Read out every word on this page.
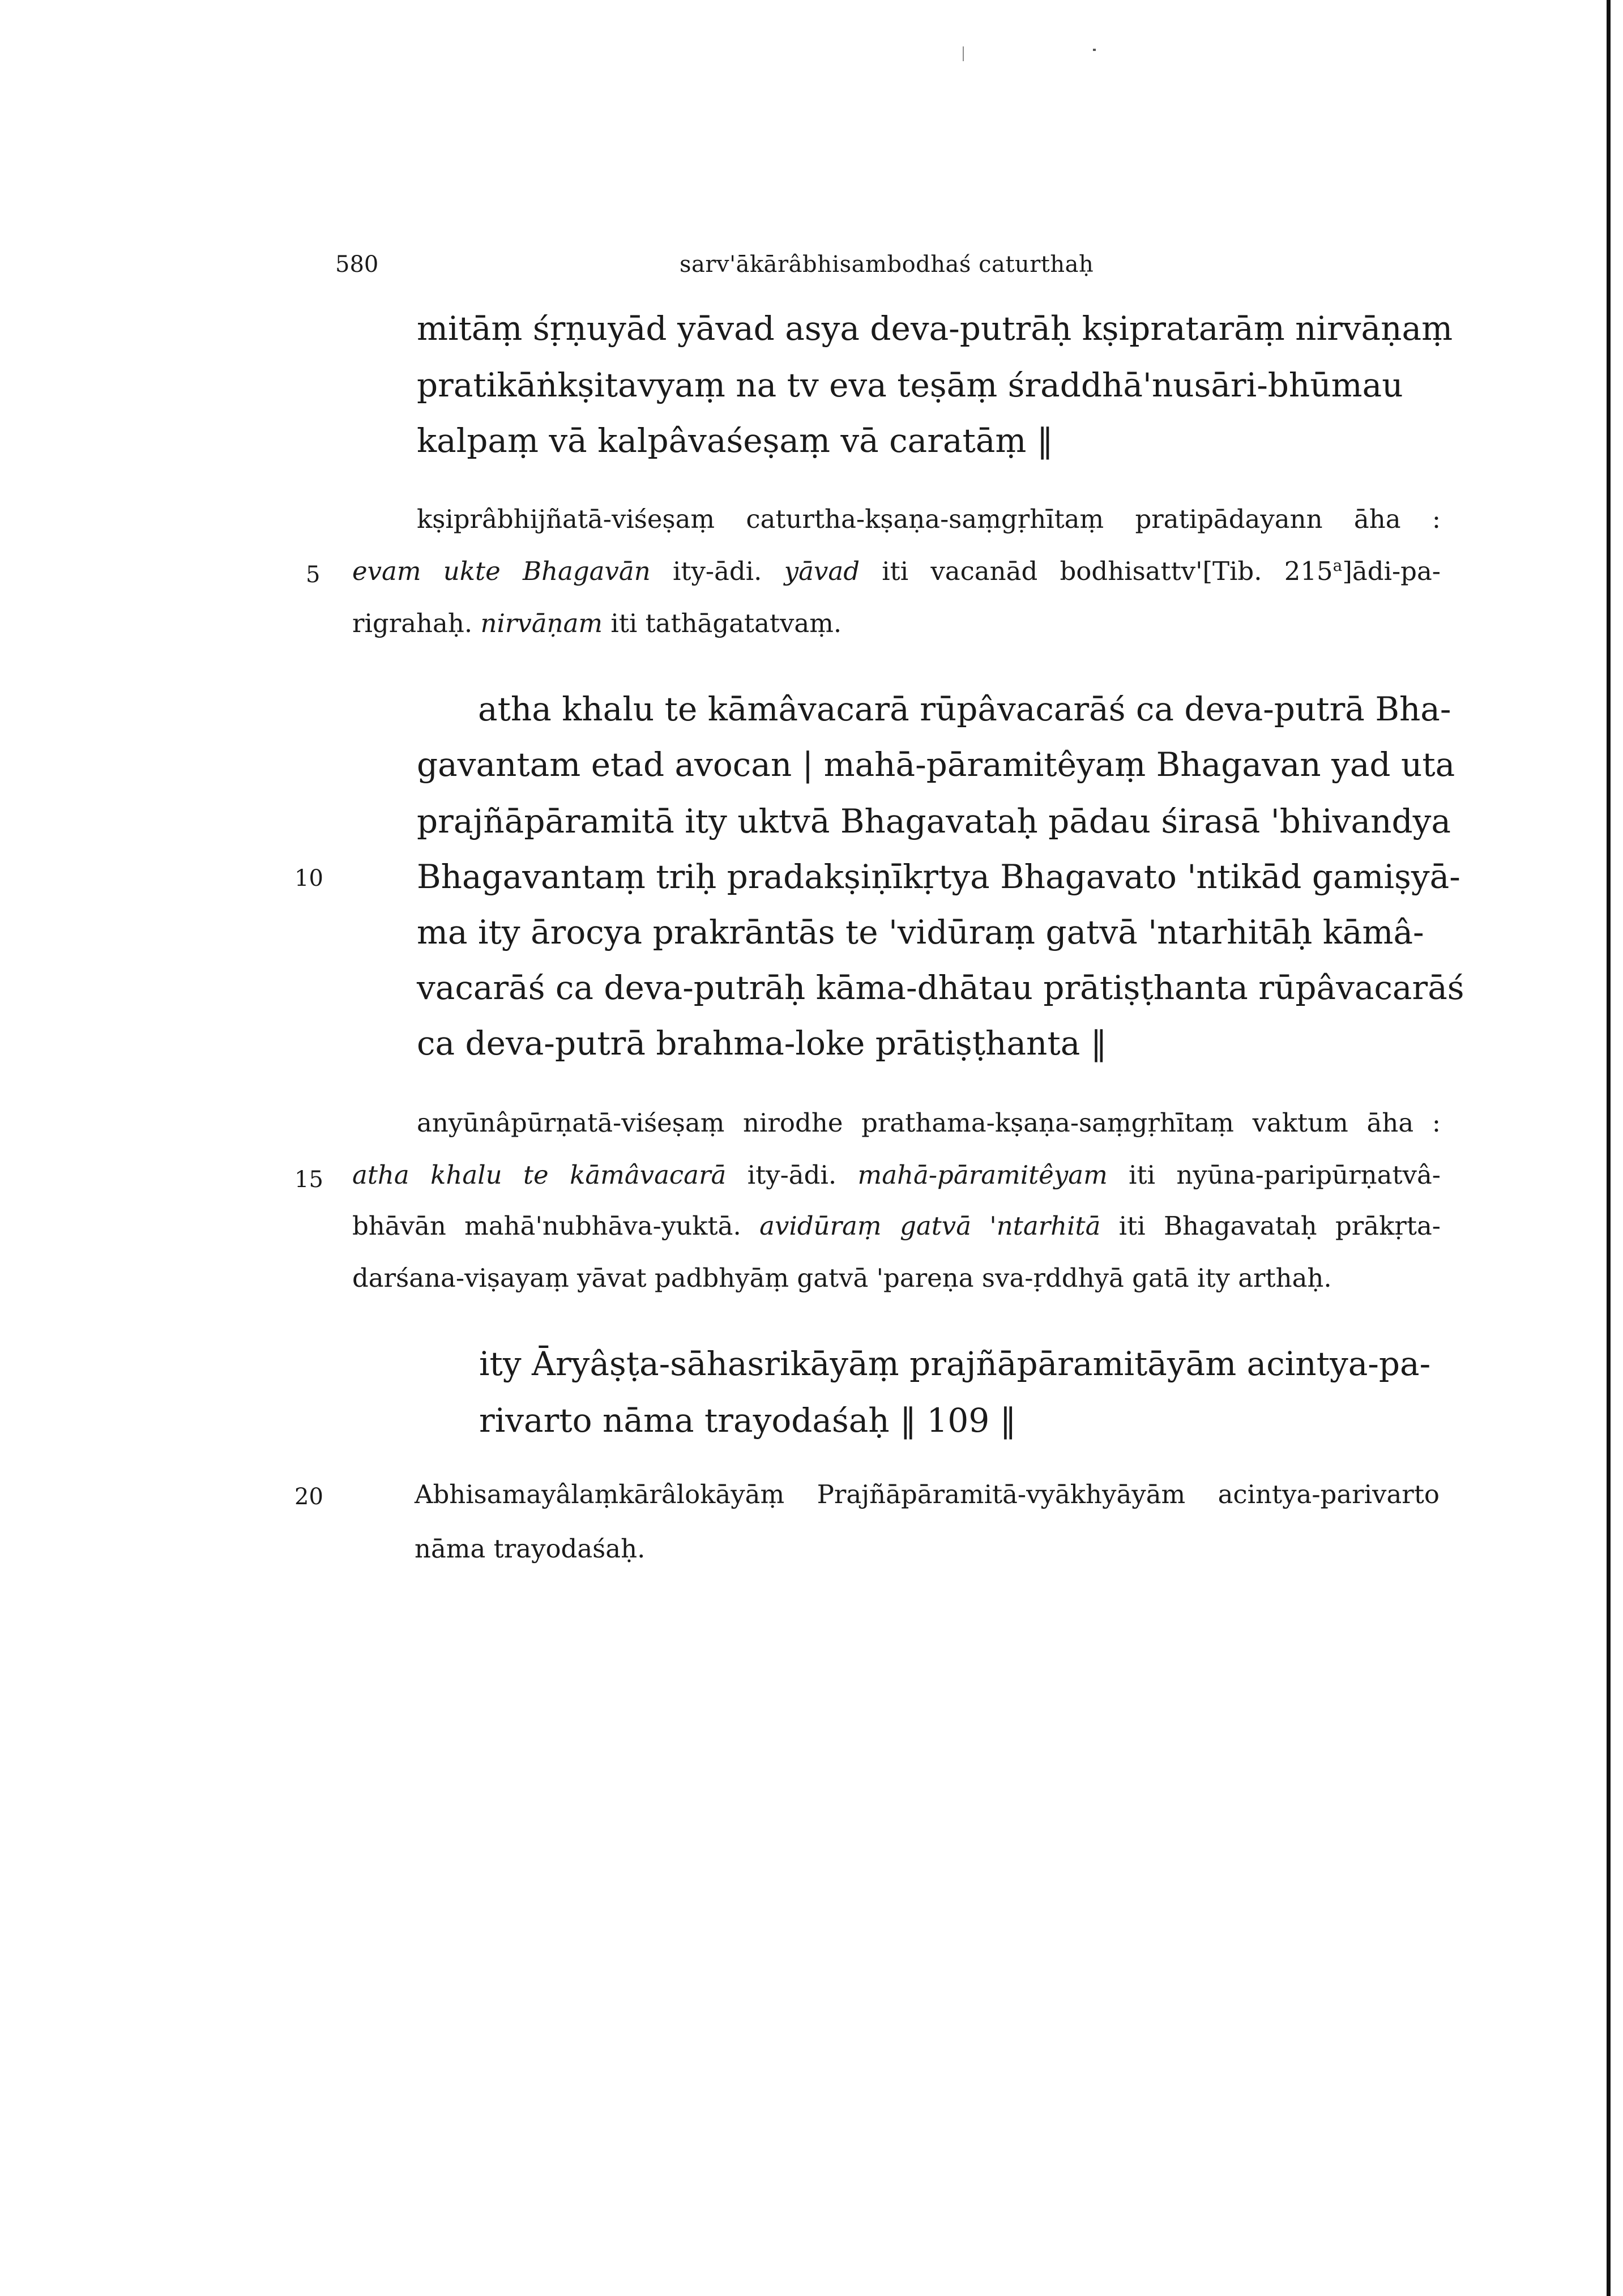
580	sarv'ākārâbhisambodhaś caturthaḥ
mitāṃ śṛṇuyād yāvad asya deva-putrāḥ kṣipratarāṃ nirvāṇaṃ
pratikāṅkṣitavyaṃ na tv eva teṣāṃ śraddhā'nusāri-bhūmau
kalpaṃ vā kalpâvaśeṣaṃ vā caratāṃ ‖
kṣiprâbhijñatā-viśeṣaṃ caturtha-kṣaṇa-saṃgṛhītaṃ pratipādayann āha :
evam ukte Bhagavān ity-ādi. yāvad iti vacanād bodhisattv'[Tib. 215$^a$]ādi-pa-
rigrahaḥ. nirvāṇam iti tathāgatatvaṃ.
atha khalu te kāmâvacarā rūpâvacarāś ca deva-putrā Bha-
gavantam etad avocan | mahā-pāramitêyaṃ Bhagavan yad uta
prajñāpāramitā ity uktvā Bhagavataḥ pādau śirasā 'bhivandya
Bhagavantaṃ triḥ pradakṣiṇīkṛtya Bhagavato 'ntikād gamiṣyā-
ma ity ārocya prakrāntās te 'vidūraṃ gatvā 'ntarhitāḥ kāmâ-
vacarāś ca deva-putrāḥ kāma-dhātau prātiṣṭhanta rūpâvacarāś
ca deva-putrā brahma-loke prātiṣṭhanta ‖
anyūnâpūrṇatā-viśeṣaṃ nirodhe prathama-kṣaṇa-saṃgṛhītaṃ vaktum āha :
atha khalu te kāmâvacarā ity-ādi. mahā-pāramitêyam iti nyūna-paripūrṇatvâ-
bhāvān mahā'nubhāva-yuktā. avidūraṃ gatvā 'ntarhitā iti Bhagavataḥ prākṛta-
darśana-viṣayaṃ yāvat padbhyāṃ gatvā 'pareṇa sva-ṛddhyā gatā ity arthaḥ.
ity Āryâṣṭa-sāhasrikāyāṃ prajñāpāramitāyām acintya-pa-
rivarto nāma trayodaśaḥ ‖ 109 ‖
Abhisamayâlaṃkārâlokāyāṃ Prajñāpāramitā-vyākhyāyām acintya-parivarto
nāma trayodaśaḥ.
5
10
15
20
